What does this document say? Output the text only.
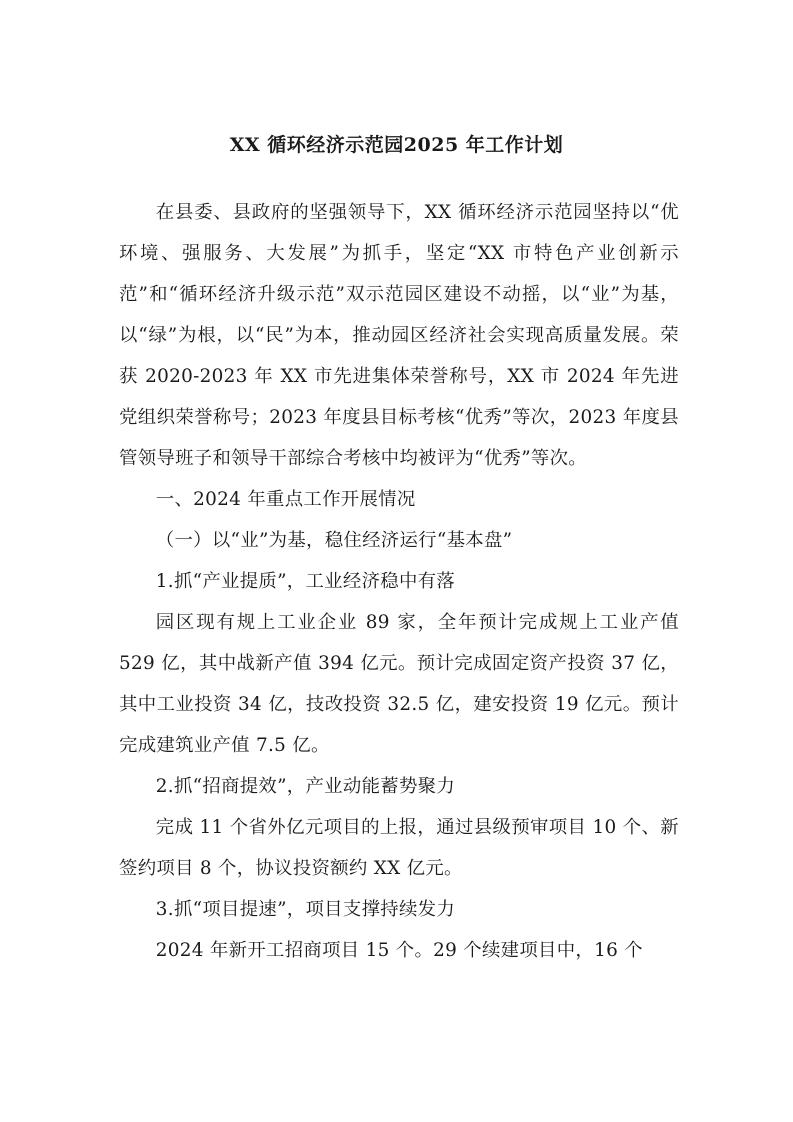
XX 循环经济示范园2025 年工作计划

在县委、县政府的坚强领导下，XX 循环经济示范园坚持以“优环境、强服务、大发展”为抓手，坚定“XX 市特色产业创新示范”和“循环经济升级示范”双示范园区建设不动摇，以“业”为基，以“绿”为根，以“民”为本，推动园区经济社会实现高质量发展。荣获 2020-2023 年 XX 市先进集体荣誉称号，XX 市 2024 年先进党组织荣誉称号；2023 年度县目标考核“优秀”等次，2023 年度县管领导班子和领导干部综合考核中均被评为“优秀”等次。

一、2024 年重点工作开展情况

（一）以“业”为基，稳住经济运行“基本盘”

1.抓“产业提质”，工业经济稳中有落

园区现有规上工业企业 89 家，全年预计完成规上工业产值 529 亿，其中战新产值 394 亿元。预计完成固定资产投资 37 亿，其中工业投资 34 亿，技改投资 32.5 亿，建安投资 19 亿元。预计完成建筑业产值 7.5 亿。

2.抓“招商提效”，产业动能蓄势聚力

完成 11 个省外亿元项目的上报，通过县级预审项目 10 个、新签约项目 8 个，协议投资额约 XX 亿元。

3.抓“项目提速”，项目支撑持续发力

2024 年新开工招商项目 15 个。29 个续建项目中，16 个
